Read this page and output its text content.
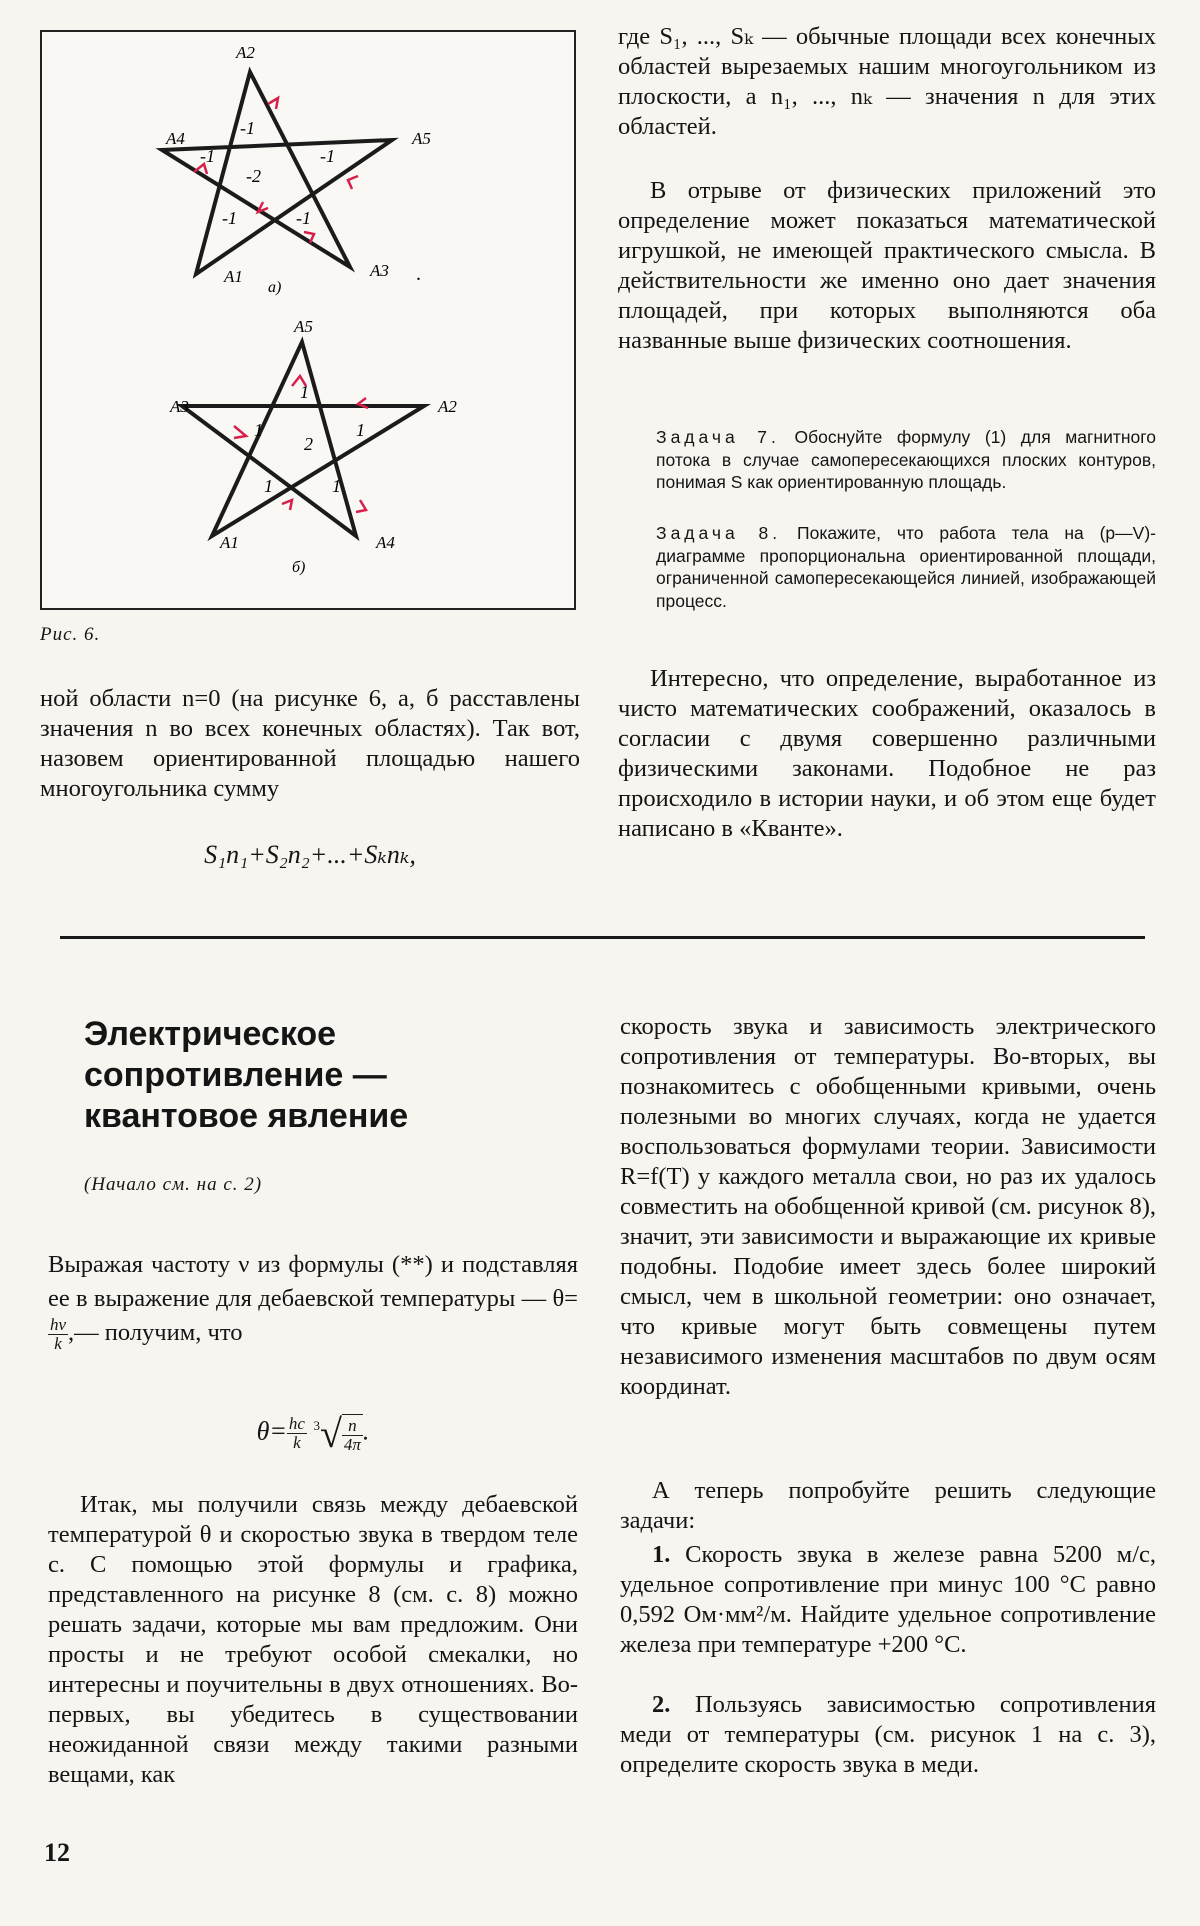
A2
A5
A3
A1
A4
-1
-1
-1
-1
-1
-2
а)
.
A5
A2
A4
A1
A3
1
1
1
1
1
2
б)
Рис. 6.
ной области n=0 (на рисунке 6, а, б расставлены значения n во всех конечных областях). Так вот, назовем ориентированной площадью нашего многоугольника сумму
S₁n₁+S₂n₂+...+Sₖnₖ,
где S₁, ..., Sₖ — обычные площади всех конечных областей вырезаемых нашим многоугольником из плоскости, а n₁, ..., nₖ — значения n для этих областей.
В отрыве от физических приложений это определение может показаться математической игрушкой, не имеющей практического смысла. В действительности же именно оно дает значения площадей, при которых выполняются оба названные выше физических соотношения.
Задача 7. Обоснуйте формулу (1) для магнитного потока в случае самопересекающихся плоских контуров, понимая S как ориентированную площадь.
Задача 8. Покажите, что работа тела на (p—V)-диаграмме пропорциональна ориентированной площади, ограниченной самопересекающейся линией, изображающей процесс.
Интересно, что определение, выработанное из чисто математических соображений, оказалось в согласии с двумя совершенно различными физическими законами. Подобное не раз происходило в истории науки, и об этом еще будет написано в «Кванте».
Электрическое
сопротивление —
квантовое явление
(Начало см. на с. 2)
Выражая частоту ν из формулы (**) и подставляя ее в выражение для дебаевской температуры — θ=
$\frac{h\nu}{k}$ ,— получим, что
$\theta= \frac{hc}{k} ^3√ \frac{n}{4\pi}$ .
Итак, мы получили связь между дебаевской температурой θ и скоростью звука в твердом теле c. С помощью этой формулы и графика, представленного на рисунке 8 (см. с. 8) можно решать задачи, которые мы вам предложим. Они просты и не требуют особой смекалки, но интересны и поучительны в двух отношениях. Во-первых, вы убедитесь в существовании неожиданной связи между такими разными вещами, как
скорость звука и зависимость электрического сопротивления от температуры. Во-вторых, вы познакомитесь с обобщенными кривыми, очень полезными во многих случаях, когда не удается воспользоваться формулами теории. Зависимости R=f(T) у каждого металла свои, но раз их удалось совместить на обобщенной кривой (см. рисунок 8), значит, эти зависимости и выражающие их кривые подобны. Подобие имеет здесь более широкий смысл, чем в школьной геометрии: оно означает, что кривые могут быть совмещены путем независимого изменения масштабов по двум осям координат.
А теперь попробуйте решить следующие задачи:
1. Скорость звука в железе равна 5200 м/с, удельное сопротивление при минус 100 °С равно 0,592 Ом·мм²/м. Найдите удельное сопротивление железа при температуре +200 °С.
2. Пользуясь зависимостью сопротивления меди от температуры (см. рисунок 1 на с. 3), определите скорость звука в меди.
12
